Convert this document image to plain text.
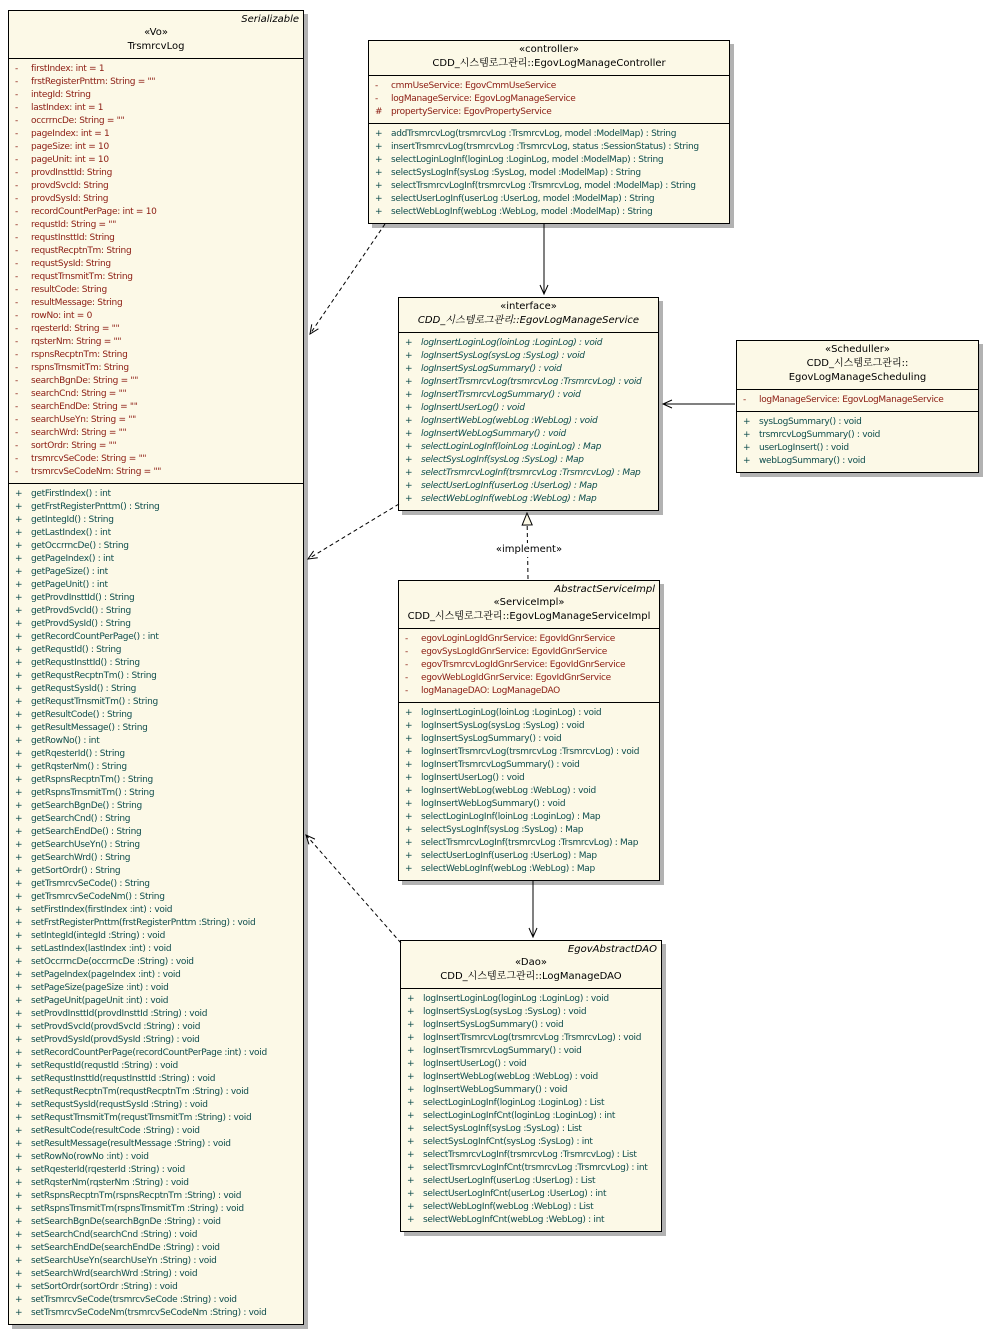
Serializable
«Vo»
TrsmrcvLog
-	firstIndex: int = 1
-	frstRegisterPnttm: String = ""
-	integId: String
-	lastIndex: int = 1
-	occrrncDe: String = ""
-	pageIndex: int = 1
-	pageSize: int = 10
-	pageUnit: int = 10
-	provdInsttId: String
-	provdSvcId: String
-	provdSysId: String
-	recordCountPerPage: int = 10
-	requstId: String = ""
-	requstInsttId: String
-	requstRecptnTm: String
-	requstSysId: String
-	requstTrnsmitTm: String
-	resultCode: String
-	resultMessage: String
-	rowNo: int = 0
-	rqesterId: String = ""
-	rqsterNm: String = ""
-	rspnsRecptnTm: String
-	rspnsTrnsmitTm: String
-	searchBgnDe: String = ""
-	searchCnd: String = ""
-	searchEndDe: String = ""
-	searchUseYn: String = ""
-	searchWrd: String = ""
-	sortOrdr: String = ""
-	trsmrcvSeCode: String = ""
-	trsmrcvSeCodeNm: String = ""
+ getFirstIndex() : int
+ getFrstRegisterPnttm() : String
+ getIntegId() : String
+ getLastIndex() : int
+ getOccrrncDe() : String
+ getPageIndex() : int
+ getPageSize() : int
+ getPageUnit() : int
+ getProvdInsttId() : String
+ getProvdSvcId() : String
+ getProvdSysId() : String
+ getRecordCountPerPage() : int
+ getRequstId() : String
+ getRequstInsttId() : String
+ getRequstRecptnTm() : String
+ getRequstSysId() : String
+ getRequstTrnsmitTm() : String
+ getResultCode() : String
+ getResultMessage() : String
+ getRowNo() : int
+ getRqesterId() : String
+ getRqsterNm() : String
+ getRspnsRecptnTm() : String
+ getRspnsTrnsmitTm() : String
+ getSearchBgnDe() : String
+ getSearchCnd() : String
+ getSearchEndDe() : String
+ getSearchUseYn() : String
+ getSearchWrd() : String
+ getSortOrdr() : String
+ getTrsmrcvSeCode() : String
+ getTrsmrcvSeCodeNm() : String
+ setFirstIndex(firstIndex :int) : void
+ setFrstRegisterPnttm(frstRegisterPnttm :String) : void
+ setIntegId(integId :String) : void
+ setLastIndex(lastIndex :int) : void
+ setOccrrncDe(occrrncDe :String) : void
+ setPageIndex(pageIndex :int) : void
+ setPageSize(pageSize :int) : void
+ setPageUnit(pageUnit :int) : void
+ setProvdInsttId(provdInsttId :String) : void
+ setProvdSvcId(provdSvcId :String) : void
+ setProvdSysId(provdSysId :String) : void
+ setRecordCountPerPage(recordCountPerPage :int) : void
+ setRequstId(requstId :String) : void
+ setRequstInsttId(requstInsttId :String) : void
+ setRequstRecptnTm(requstRecptnTm :String) : void
+ setRequstSysId(requstSysId :String) : void
+ setRequstTrnsmitTm(requstTrnsmitTm :String) : void
+ setResultCode(resultCode :String) : void
+ setResultMessage(resultMessage :String) : void
+ setRowNo(rowNo :int) : void
+ setRqesterId(rqesterId :String) : void
+ setRqsterNm(rqsterNm :String) : void
+ setRspnsRecptnTm(rspnsRecptnTm :String) : void
+ setRspnsTrnsmitTm(rspnsTrnsmitTm :String) : void
+ setSearchBgnDe(searchBgnDe :String) : void
+ setSearchCnd(searchCnd :String) : void
+ setSearchEndDe(searchEndDe :String) : void
+ setSearchUseYn(searchUseYn :String) : void
+ setSearchWrd(searchWrd :String) : void
+ setSortOrdr(sortOrdr :String) : void
+ setTrsmrcvSeCode(trsmrcvSeCode :String) : void
+ setTrsmrcvSeCodeNm(trsmrcvSeCodeNm :String) : void
«controller»
CDD_시스템로그관리::EgovLogManageController
-	cmmUseService: EgovCmmUseService
-	logManageService: EgovLogManageService
# propertyService: EgovPropertyService
+ addTrsmrcvLog(trsmrcvLog :TrsmrcvLog, model :ModelMap) : String
+ insertTrsmrcvLog(trsmrcvLog :TrsmrcvLog, status :SessionStatus) : String
+ selectLoginLogInf(loginLog :LoginLog, model :ModelMap) : String
+ selectSysLogInf(sysLog :SysLog, model :ModelMap) : String
+ selectTrsmrcvLogInf(trsmrcvLog :TrsmrcvLog, model :ModelMap) : String
+ selectUserLogInf(userLog :UserLog, model :ModelMap) : String
+ selectWebLogInf(webLog :WebLog, model :ModelMap) : String
«interface»
CDD_시스템로그관리::EgovLogManageService
+ logInsertLoginLog(loinLog :LoginLog) : void
+ logInsertSysLog(sysLog :SysLog) : void
+ logInsertSysLogSummary() : void
+ logInsertTrsmrcvLog(trsmrcvLog :TrsmrcvLog) : void
+ logInsertTrsmrcvLogSummary() : void
+ logInsertUserLog() : void
+ logInsertWebLog(webLog :WebLog) : void
+ logInsertWebLogSummary() : void
+ selectLoginLogInf(loinLog :LoginLog) : Map
+ selectSysLogInf(sysLog :SysLog) : Map
+ selectTrsmrcvLogInf(trsmrcvLog :TrsmrcvLog) : Map
+ selectUserLogInf(userLog :UserLog) : Map
+ selectWebLogInf(webLog :WebLog) : Map
«Scheduller»
CDD_시스템로그관리::
EgovLogManageScheduling
-	logManageService: EgovLogManageService
+ sysLogSummary() : void
+ trsmrcvLogSummary() : void
+ userLogInsert() : void
+ webLogSummary() : void
AbstractServiceImpl
«ServiceImpl»
CDD_시스템로그관리::EgovLogManageServiceImpl
-	egovLoginLogIdGnrService: EgovIdGnrService
-	egovSysLogIdGnrService: EgovIdGnrService
-	egovTrsmrcvLogIdGnrService: EgovIdGnrService
-	egovWebLogIdGnrService: EgovIdGnrService
-	logManageDAO: LogManageDAO
+ logInsertLoginLog(loinLog :LoginLog) : void
+ logInsertSysLog(sysLog :SysLog) : void
+ logInsertSysLogSummary() : void
+ logInsertTrsmrcvLog(trsmrcvLog :TrsmrcvLog) : void
+ logInsertTrsmrcvLogSummary() : void
+ logInsertUserLog() : void
+ logInsertWebLog(webLog :WebLog) : void
+ logInsertWebLogSummary() : void
+ selectLoginLogInf(loinLog :LoginLog) : Map
+ selectSysLogInf(sysLog :SysLog) : Map
+ selectTrsmrcvLogInf(trsmrcvLog :TrsmrcvLog) : Map
+ selectUserLogInf(userLog :UserLog) : Map
+ selectWebLogInf(webLog :WebLog) : Map
EgovAbstractDAO
«Dao»
CDD_시스템로그관리::LogManageDAO
+ logInsertLoginLog(loginLog :LoginLog) : void
+ logInsertSysLog(sysLog :SysLog) : void
+ logInsertSysLogSummary() : void
+ logInsertTrsmrcvLog(trsmrcvLog :TrsmrcvLog) : void
+ logInsertTrsmrcvLogSummary() : void
+ logInsertUserLog() : void
+ logInsertWebLog(webLog :WebLog) : void
+ logInsertWebLogSummary() : void
+ selectLoginLogInf(loginLog :LoginLog) : List
+ selectLoginLogInfCnt(loginLog :LoginLog) : int
+ selectSysLogInf(sysLog :SysLog) : List
+ selectSysLogInfCnt(sysLog :SysLog) : int
+ selectTrsmrcvLogInf(trsmrcvLog :TrsmrcvLog) : List
+ selectTrsmrcvLogInfCnt(trsmrcvLog :TrsmrcvLog) : int
+ selectUserLogInf(userLog :UserLog) : List
+ selectUserLogInfCnt(userLog :UserLog) : int
+ selectWebLogInf(webLog :WebLog) : List
+ selectWebLogInfCnt(webLog :WebLog) : int
«implement»
